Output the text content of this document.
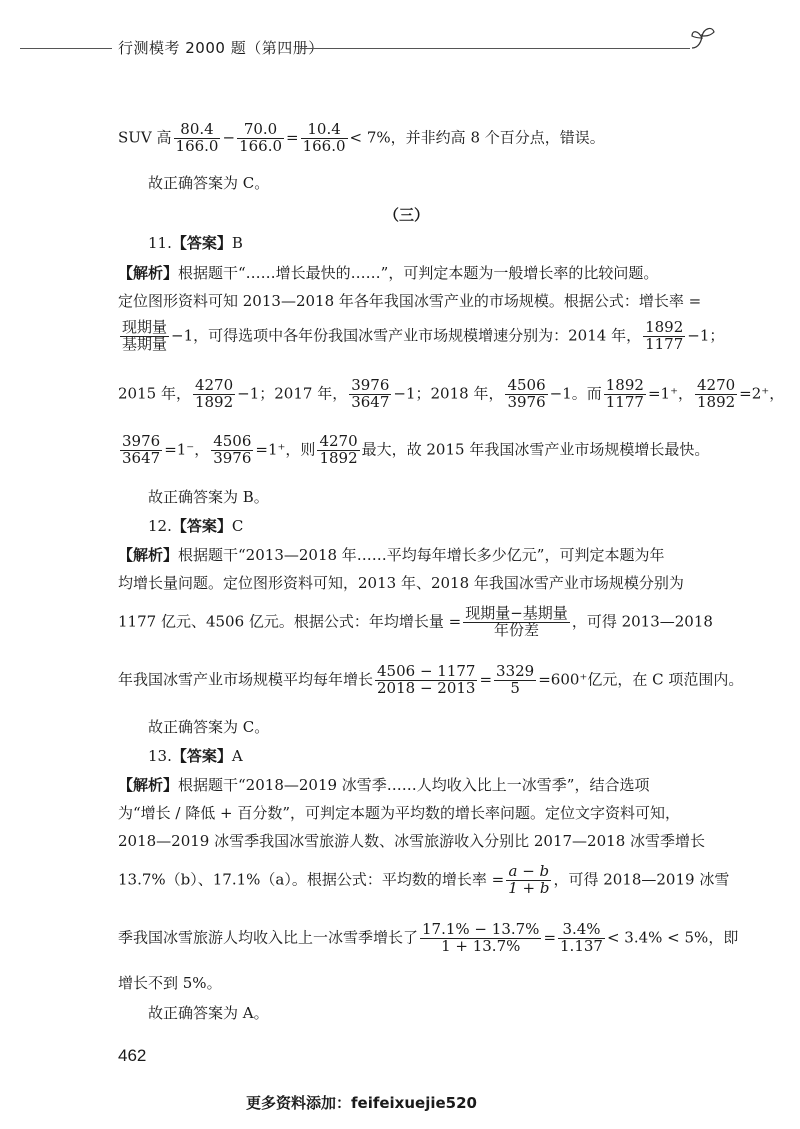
行测模考 2000 题（第四册）
SUV 高 $\frac{80.4}{166.0} - \frac{70.0}{166.0} = \frac{10.4}{166.0} < 7\%$，并非约高 8 个百分点，错误。
故正确答案为 C。
（三）
11.【答案】B
【解析】根据题干“……增长最快的……”，可判定本题为一般增长率的比较问题。
定位图形资料可知 2013—2018 年各年我国冰雪产业的市场规模。根据公式：增长率 =
$\frac{\text{现期量}}{\text{基期量}} -1$，可得选项中各年份我国冰雪产业市场规模增速分别为：2014 年， $\frac{1892}{1177} -1$；
2015 年， $\frac{4270}{1892} -1$；2017 年， $\frac{3976}{3647} -1$；2018 年， $\frac{4506}{3976} -1$。而 $\frac{1892}{1177} =1^+$， $\frac{4270}{1892} =2^+$，
$\frac{3976}{3647} =1^-$， $\frac{4506}{3976} =1^+$，则 $\frac{4270}{1892}$ 最大，故 2015 年我国冰雪产业市场规模增长最快。
故正确答案为 B。
12.【答案】C
【解析】根据题干“2013—2018 年……平均每年增长多少亿元”，可判定本题为年
均增长量问题。定位图形资料可知，2013 年、2018 年我国冰雪产业市场规模分别为
1177 亿元、4506 亿元。根据公式：年均增长量 = $\frac{\text{现期量−基期量}}{\text{年份差}}$ ，可得 2013—2018
年我国冰雪产业市场规模平均每年增长 $\frac{4506 - 1177}{2018 - 2013} = \frac{3329}{5} =600^+$亿元，在 C 项范围内。
故正确答案为 C。
13.【答案】A
【解析】根据题干“2018—2019 冰雪季……人均收入比上一冰雪季”，结合选项
为“增长 / 降低 + 百分数”，可判定本题为平均数的增长率问题。定位文字资料可知，
2018—2019 冰雪季我国冰雪旅游人数、冰雪旅游收入分别比 2017—2018 冰雪季增长
13.7%（b）、17.1%（a）。根据公式：平均数的增长率 = $\frac{a - b}{1 + b}$ ，可得 2018—2019 冰雪
季我国冰雪旅游人均收入比上一冰雪季增长了 $\frac{17.1\% - 13.7\%}{1 + 13.7\%} = \frac{3.4\%}{1.137} < 3.4\% < 5\%$，即
增长不到 5%。
故正确答案为 A。
462
更多资料添加：feifeixuejie520
